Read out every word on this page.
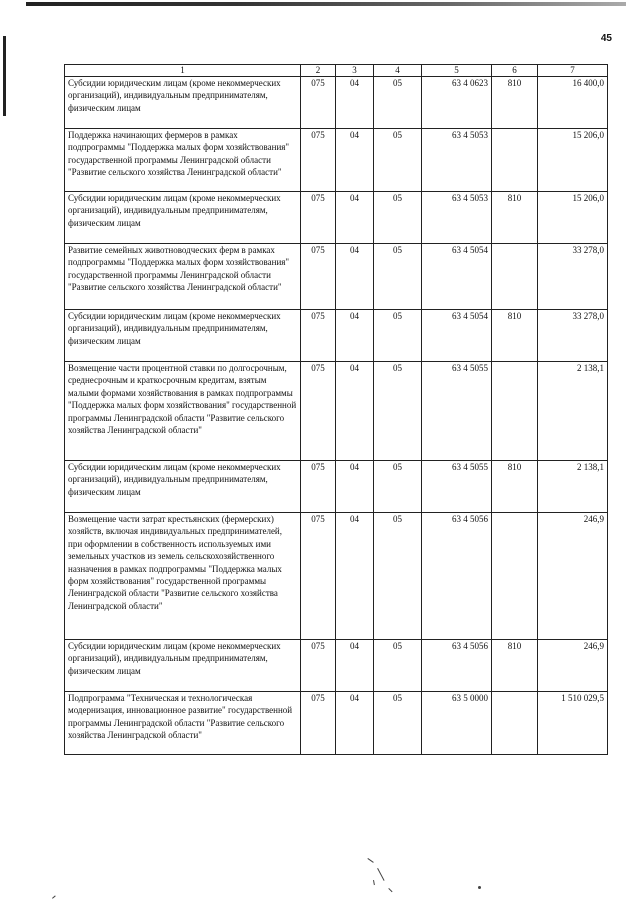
45
1	2	3	4	5	6	7
Субсидии юридическим лицам (кроме некоммерческих организаций), индивидуальным предпринимателям, физическим лицам	075	04	05	63 4 0623	810	16 400,0
Поддержка начинающих фермеров в рамках подпрограммы "Поддержка малых форм хозяйствования" государственной программы Ленинградской области "Развитие сельского хозяйства Ленинградской области"	075	04	05	63 4 5053		15 206,0
Субсидии юридическим лицам (кроме некоммерческих организаций), индивидуальным предпринимателям, физическим лицам	075	04	05	63 4 5053	810	15 206,0
Развитие семейных животноводческих ферм в рамках подпрограммы "Поддержка малых форм хозяйствования" государственной программы Ленинградской области "Развитие сельского хозяйства Ленинградской области"	075	04	05	63 4 5054		33 278,0
Субсидии юридическим лицам (кроме некоммерческих организаций), индивидуальным предпринимателям, физическим лицам	075	04	05	63 4 5054	810	33 278,0
Возмещение части процентной ставки по долгосрочным, среднесрочным и краткосрочным кредитам, взятым малыми формами хозяйствования в рамках подпрограммы "Поддержка малых форм хозяйствования" государственной программы Ленинградской области "Развитие сельского хозяйства Ленинградской области"	075	04	05	63 4 5055		2 138,1
Субсидии юридическим лицам (кроме некоммерческих организаций), индивидуальным предпринимателям, физическим лицам	075	04	05	63 4 5055	810	2 138,1
Возмещение части затрат крестьянских (фермерских) хозяйств, включая индивидуальных предпринимателей, при оформлении в собственность используемых ими земельных участков из земель сельскохозяйственного назначения в рамках подпрограммы "Поддержка малых форм хозяйствования" государственной программы Ленинградской области "Развитие сельского хозяйства Ленинградской области"	075	04	05	63 4 5056		246,9
Субсидии юридическим лицам (кроме некоммерческих организаций), индивидуальным предпринимателям, физическим лицам	075	04	05	63 4 5056	810	246,9
Подпрограмма "Техническая и технологическая модернизация, инновационное развитие" государственной программы Ленинградской области "Развитие сельского хозяйства Ленинградской области"	075	04	05	63 5 0000		1 510 029,5
